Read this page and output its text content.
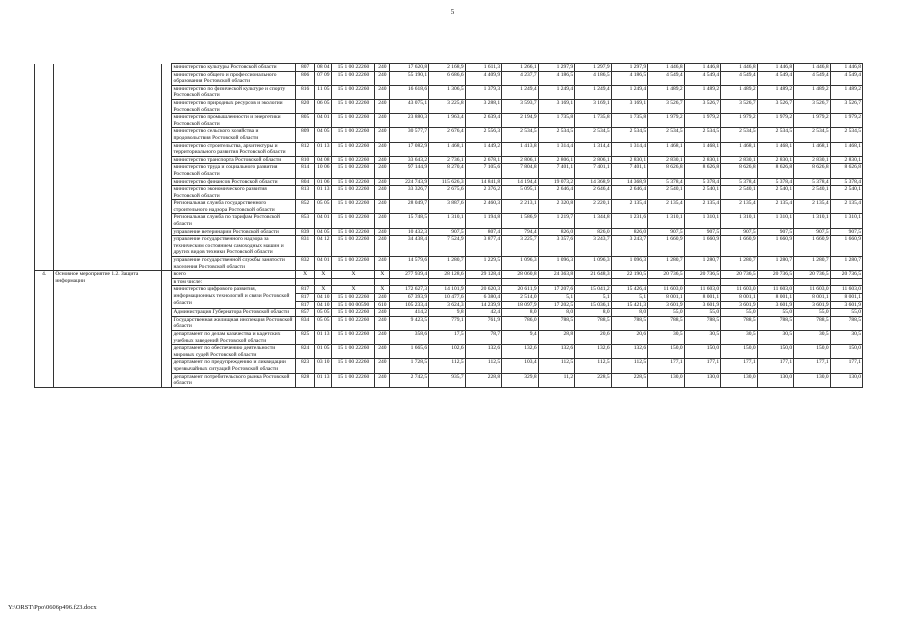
5
			министерство культуры Ростовской области	807	08 04	15 1 00 22260	240	17 620,8	2 168,9	1 611,3	1 266,1	1 297,9	1 297,9	1 297,9	1 446,8	1 446,8	1 446,8	1 446,8	1 446,8	1 446,8
			министерство общего и профессионального образования Ростовской области	806	07 09	15 1 00 22260	240	55 190,1	6 686,6	4 409,9	4 237,7	4 186,5	4 186,5	4 186,5	4 549,4	4 549,4	4 549,4	4 549,4	4 549,4	4 549,4
			министерство по физической культуре и спорту Ростовской области	816	11 05	15 1 00 22260	240	16 618,6	1 306,5	1 379,3	1 249,4	1 249,4	1 249,4	1 249,4	1 489,2	1 489,2	1 489,2	1 489,2	1 489,2	1 489,2
			министерство природных ресурсов и экологии Ростовской области	820	06 05	15 1 00 22260	240	43 075,1	3 225,8	3 288,1	3 593,7	3 169,1	3 169,1	3 169,1	3 526,7	3 526,7	3 526,7	3 526,7	3 526,7	3 526,7
			министерство промышленности и энергетики Ростовской области	805	04 01	15 1 00 22260	240	23 880,3	1 963,4	2 639,4	2 194,9	1 735,8	1 735,8	1 735,8	1 979,2	1 979,2	1 979,2	1 979,2	1 979,2	1 979,2
			министерство сельского хозяйства и продовольствия Ростовской области	809	04 05	15 1 00 22260	240	30 577,7	2 676,4	2 556,3	2 534,5	2 534,5	2 534,5	2 534,5	2 534,5	2 534,5	2 534,5	2 534,5	2 534,5	2 534,5
			министерство строительства, архитектуры и территориального развития Ростовской области	812	01 13	15 1 00 22260	240	17 082,9	1 468,1	1 449,2	1 413,8	1 314,4	1 314,4	1 314,4	1 468,1	1 468,1	1 468,1	1 468,1	1 468,1	1 468,1
			министерство транспорта Ростовской области	810	04 08	15 1 00 22260	240	33 643,2	2 736,1	2 678,1	2 806,1	2 806,1	2 806,1	2 830,1	2 830,1	2 830,1	2 830,1	2 830,1	2 830,1	2 830,1
			министерство труда и социального развития Ростовской области	814	10 06	15 1 00 22260	240	97 144,9	8 270,4	7 105,6	7 804,8	7 401,1	7 401,1	7 401,1	8 626,8	8 626,8	8 626,8	8 626,8	8 626,8	8 626,8
			министерство финансов Ростовской области	804	01 06	15 1 00 22260	240	224 743,9	115 626,3	14 841,8	14 194,4	19 073,2	14 368,9	14 368,9	5 378,4	5 378,4	5 378,4	5 378,4	5 378,4	5 378,4
			министерство экономического развития Ростовской области	813	01 13	15 1 00 22260	240	33 326,7	2 675,6	2 376,2	5 095,1	2 646,4	2 646,4	2 646,4	2 540,1	2 540,1	2 540,1	2 540,1	2 540,1	2 540,1
			Региональная служба государственного строительного надзора Ростовской области	852	05 05	15 1 00 22260	240	28 049,7	3 887,6	2 460,3	2 213,1	2 320,8	2 220,1	2 135,4	2 135,4	2 135,4	2 135,4	2 135,4	2 135,4	2 135,4
			Региональная служба по тарифам Ростовской области	853	04 01	15 1 00 22260	240	15 748,5	1 310,1	1 194,8	1 586,9	1 219,7	1 344,8	1 231,6	1 310,1	1 310,1	1 310,1	1 310,1	1 310,1	1 310,1
			управление ветеринарии Ростовской области	839	04 05	15 1 00 22260	240	10 432,3	907,5	807,4	794,4	826,0	826,0	826,0	907,5	907,5	907,5	907,5	907,5	907,5
			управление государственного надзора за техническим состоянием самоходных машин и других видов техники Ростовской области	831	04 12	15 1 00 22260	240	34 438,4	7 524,9	3 877,4	3 225,7	3 357,6	3 243,7	3 243,7	1 660,9	1 660,9	1 660,9	1 660,9	1 660,9	1 660,9
			управление государственной службы занятости населения Ростовской области	832	04 01	15 1 00 22260	240	14 579,6	1 280,7	1 229,5	1 096,3	1 096,3	1 096,3	1 096,3	1 280,7	1 280,7	1 280,7	1 280,7	1 280,7	1 280,7
4.	Основное мероприятие 1.2. Защита информации		всего	X	X	X	X	277 939,4	28 128,6	29 128,4	28 060,8	24 363,8	21 648,3	22 190,5	20 736,5	20 736,5	20 736,5	20 736,5	20 736,5	20 736,5
			в том числе:																	
			министерство цифрового развития, информационных технологий и связи Ростовской области	817	X	X	X	172 627,3	14 101,9	20 620,3	20 611,9	17 207,6	15 041,2	15 426,4	11 603,0	11 603,0	11 603,0	11 603,0	11 603,0	11 603,0
				817	04 10	15 1 00 22260	240	67 393,9	10 477,6	6 380,4	2 514,0	5,1	5,1	5,1	8 001,1	8 001,1	8 001,1	8 001,1	8 001,1	8 001,1
				817	04 10	15 1 00 00590	610	105 233,4	3 624,3	14 239,9	18 097,9	17 202,5	15 036,1	15 421,3	3 601,9	3 601,9	3 601,9	3 601,9	3 601,9	3 601,9
			Администрация Губернатора Ростовской области	857	05 05	15 1 00 22260	240	414,2	9,8	42,4	8,0	8,0	8,0	8,0	55,0	55,0	55,0	55,0	55,0	55,0
			Государственная жилищная инспекция Ростовской области	834	05 05	15 1 00 22260	240	9 423,5	779,1	761,9	786,0	788,5	788,5	788,5	788,5	788,5	788,5	788,5	788,5	788,5
			департамент по делам казачества и кадетских учебных заведений Ростовской области	825	01 13	15 1 00 22260	240	358,6	17,5	78,7	9,4	28,8	20,6	20,6	30,5	30,5	30,5	30,5	30,5	30,5
			департамент по обеспечению деятельности мировых судей Ростовской области	824	01 05	15 1 00 22260	240	1 665,6	102,6	132,6	132,6	132,6	132,6	132,6	150,0	150,0	150,0	150,0	150,0	150,0
			департамент по предупреждению и ликвидации чрезвычайных ситуаций Ростовской области	823	03 10	15 1 00 22260	240	1 728,5	112,5	112,5	103,4	112,5	112,5	112,5	177,1	177,1	177,1	177,1	177,1	177,1
			департамент потребительского рынка Ростовской области	828	01 13	15 1 00 22260	240	2 742,5	935,7	228,8	329,8	11,2	228,5	228,5	130,0	130,0	130,0	130,0	130,0	130,0
Y:\ORST\Ppo\0606p496.f23.docx
